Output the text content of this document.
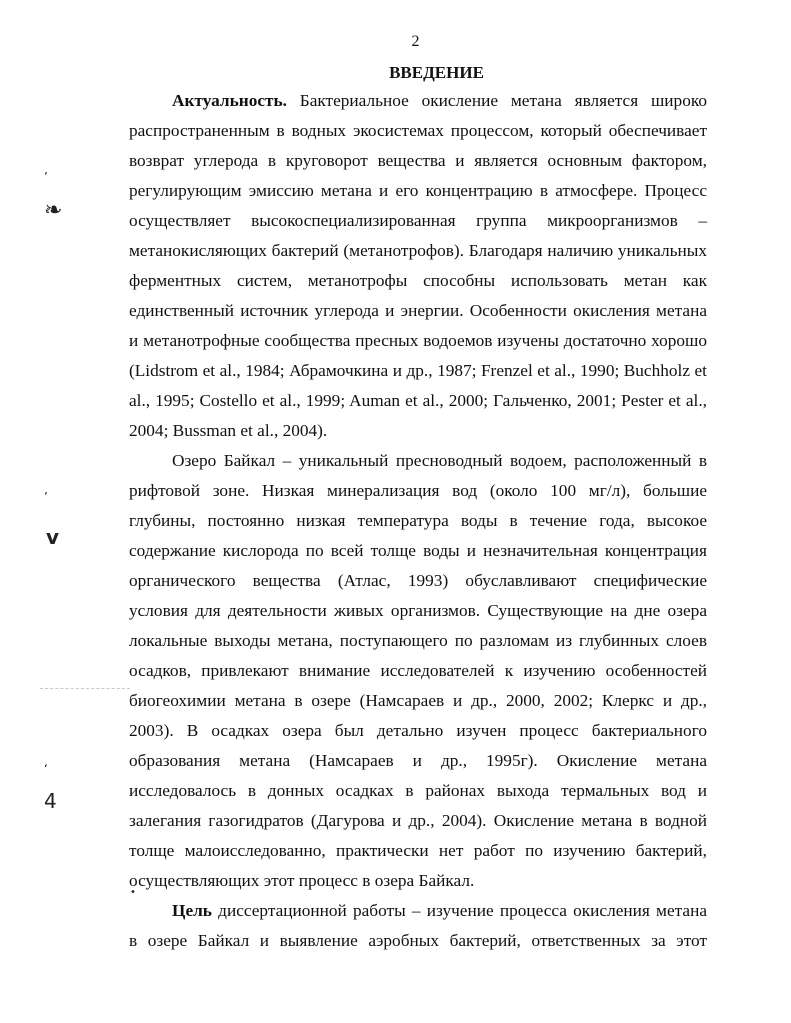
2
ВВЕДЕНИЕ
Актуальность. Бактериальное окисление метана является широко
распространенным в водных экосистемах процессом, который обеспечивает
возврат углерода в круговорот вещества и является основным фактором,
регулирующим эмиссию метана и его концентрацию в атмосфере. Процесс
осуществляет высокоспециализированная группа микроорганизмов –
метанокисляющих бактерий (метанотрофов). Благодаря наличию уникальных
ферментных систем, метанотрофы способны использовать метан как
единственный источник углерода и энергии. Особенности окисления метана
и метанотрофные сообщества пресных водоемов изучены достаточно хорошо
(Lidstrom et al., 1984; Абрамочкина и др., 1987; Frenzel et al., 1990; Buchholz et
al., 1995; Costello et al., 1999; Auman et al., 2000; Гальченко, 2001; Pester et al.,
2004; Bussman et al., 2004).
Озеро Байкал – уникальный пресноводный водоем, расположенный в
рифтовой зоне. Низкая минерализация вод (около 100 мг/л), большие
глубины, постоянно низкая температура воды в течение года, высокое
содержание кислорода по всей толще воды и незначительная концентрация
органического вещества (Атлас, 1993) обуславливают специфические
условия для деятельности живых организмов. Существующие на дне озера
локальные выходы метана, поступающего по разломам из глубинных слоев
осадков, привлекают внимание исследователей к изучению особенностей
биогеохимии метана в озере (Намсараев и др., 2000, 2002; Клеркс и др.,
2003). В осадках озера был детально изучен процесс бактериального
образования метана (Намсараев и др., 1995г). Окисление метана
исследовалось в донных осадках в районах выхода термальных вод и
залегания газогидратов (Дагурова и др., 2004). Окисление метана в водной
толще малоисследованно, практически нет работ по изучению бактерий,
осуществляющих этот процесс в озера Байкал.
Цель диссертационной работы – изучение процесса окисления метана
в озере Байкал и выявление аэробных бактерий, ответственных за этот
’
❧
’
v
‘
4
•
